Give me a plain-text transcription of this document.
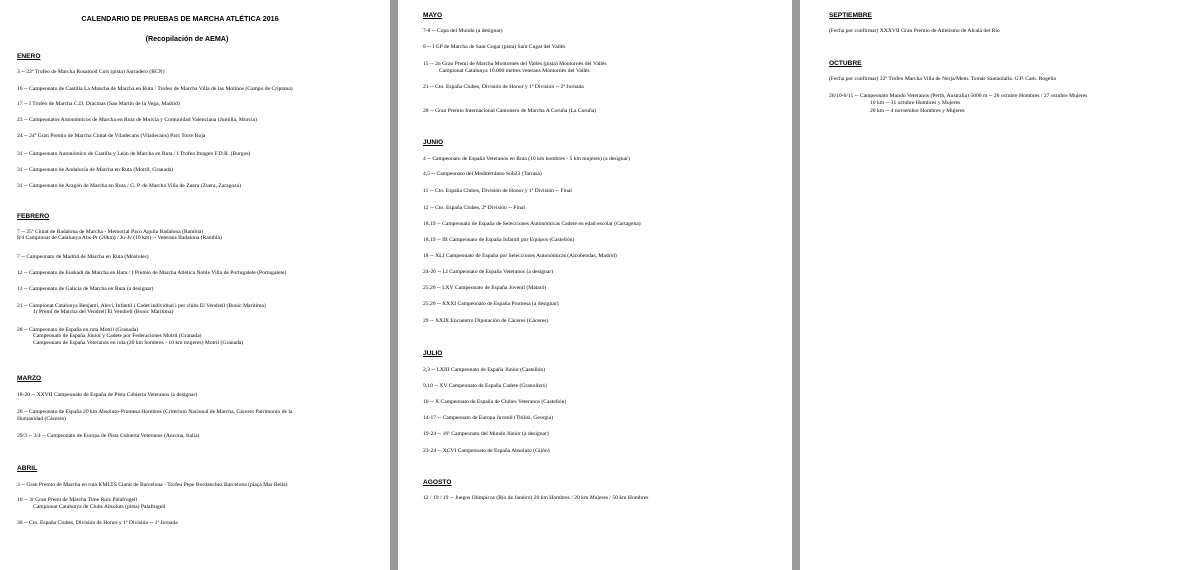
CALENDARIO DE PRUEBAS DE MARCHA ATLÉTICA 2016
(Recopilación de AEMA)
ENERO
3 -- 22ª Trofeo de Marcha Rosamod Cols (pista) Sarradero (BCN)
16 -- Campeonato de Castilla La Mancha de Marcha en Ruta / Trofeo de Marcha Villa de las Molinos (Campo de Criptana)
17 -- I Trofeo de Marcha C.D. Dracmas (San Martín de la Vega, Madrid)
23 -- Campeonatos Autonómicos de Marcha en Ruta de Murcia y Comunidad Valenciana (Jumilla, Murcia)
24 -- 24ª Gran Premio de Marcha Ciutat de Viladecans (Viladecans) Parc Torre Roja
31 -- Campeonato Autonómico de Castilla y León de Marcha en Ruta / I Trofeo Imagen F.D.R. (Burgos)
31 -- Campeonato de Andalucía de Marcha en Ruta (Motril, Granada)
31 -- Campeonato de Aragón de Marcha en Ruta / G. P. de Marcha Villa de Zuera (Zuera, Zaragoza)
FEBRERO
7 -- 25ª Ciutat de Badalona de Marcha - Memorial Paco Aguila Badalona (Rambla)
8/4 Campionat de Catalunya Abs-Pr (20km) / Ju-Jv (10 km) -- Veterans Badalona (Rambla)
7 -- Campeonato de Madrid de Marcha en Ruta (Móstoles)
12 -- Campeonato de Euskadi de Marcha en Ruta / I Premio de Marcha Atlética Noble Villa de Portugalete (Portugalete)
13 -- Campeonato de Galicia de Marcha en Ruta (a designar)
21 -- Campionat Catalunya Benjamí, Aleví, Infantil i Cadet individual i per clubs El Vendrell (Bonic Marítima)
1r Premi de Marcha del Vendrell El Vendrell (Bonic Marítima)
28 -- Campeonato de España en ruta Motril (Granada)
Campeonato de España Júnior y Cadete por Federaciones Motril (Granada)
Campeonato de España Veteranos en ruta (20 km hombres - 10 km mujeres) Motril (Granada)
MARZO
18-20 -- XXVII Campeonato de España de Pista Cubierta Veteranos (a designar)
20 -- Campeonato de España 20 km Absoluto-Promesa Hombres (Criterium Nacional de Marcha, Cáceres Patrimonio de la
Humanidad (Cáceres)
29/3 -- 3/4 -- Campeonato de Europa de Pista Cubierta Veteranos (Ancona, Italia)
ABRIL
3 -- Gran Premio de Marcha en ruta KMLTS Ciutat de Barcelona - Trofeu Pepe Bordanchez Barcelona (plaça Mar Bella)
10 -- 3r Gran Premi de Marcha Time Ruiz Palafrugell
Campionat Catalunya de Clubs Absoluts (pista) Palafrugell
30 -- Cto. España Clubes, División de Honor y 1ª División -- 1ª Jornada
MAYO
7-8 -- Copa del Mundo (a designar)
8 -- I GP de Marcha de Sant Cugat (pista) Sant Cugat del Vallès
15 -- 2n Gran Premi de Marcha Montornès del Vallès (pista) Montornès del Vallès
Campionat Catalunya 10.000 metres veterans Montornès del Vallès
21 -- Cto. España Clubes, División de Honor y 1ª División -- 2ª Jornada
28 -- Gran Premio Internacional Cantonero de Marcha A Coruña (La Coruña)
JUNIO
4 -- Campeonato de España Veteranos en Ruta (10 km hombres - 5 km mujeres) (a designar)
4,5 -- Campeonato del Mediterráneo Sub23 (Tarrasa)
11 -- Cto. España Clubes, División de Honor y 1ª División -- Final
12 -- Cto. España Clubes, 2ª División -- Final
18,19 -- Campeonato de España de Selecciones Autonómicas Cadete en edad escolar (Cartagena)
18,19 -- III Campeonato de España Infantil por Equipos (Castellón)
18 -- XLI Campeonato de España por Selecciones Autonómicas (Alcobendas, Madrid)
24-26 -- LI Campeonato de España Veteranos (a designar)
25,26 -- LXV Campeonato de España Juvenil (Mataró)
25,26 -- XXXI Campeonato de España Promesa (a designar)
29 -- XXIX Encuentro Diputación de Cáceres (Cáceres)
JULIO
2,3 -- LXIII Campeonato de España Júnior (Castellón)
9,10 -- XV Campeonato de España Cadete (Granollers)
10 -- X Campeonato de España de Clubes Veteranos (Castellón)
14-17 -- Campeonato de Europa Juvenil (Tbilisi, Georgia)
19-24 -- 16º Campeonato del Mundo Júnior (a designar)
23-24 -- XCVI Campeonato de España Absoluto (Gijón)
AGOSTO
12 / 19 / 19 -- Juegos Olímpicos (Río de Janeiro) 20 km Hombres / 20 km Mujeres / 50 km Hombres
SEPTIEMBRE
(Fecha por confirmar) XXXVII Gran Premio de Atletismo de Alcalá del Río
OCTUBRE
(Fecha por confirmar) 32º Trofeo Marcha Villa de Nerja/Mem. Tomás Santaolalla. G.P. Cam. Rogelio
26/10-6/11 -- Campeonato Mundo Veteranos (Perth, Australia) 5000 m -- 26 octubre Hombres / 27 octubre Mujeres
10 km -- 31 octubre Hombres y Mujeres
20 km -- 4 noviembre Hombres y Mujeres
